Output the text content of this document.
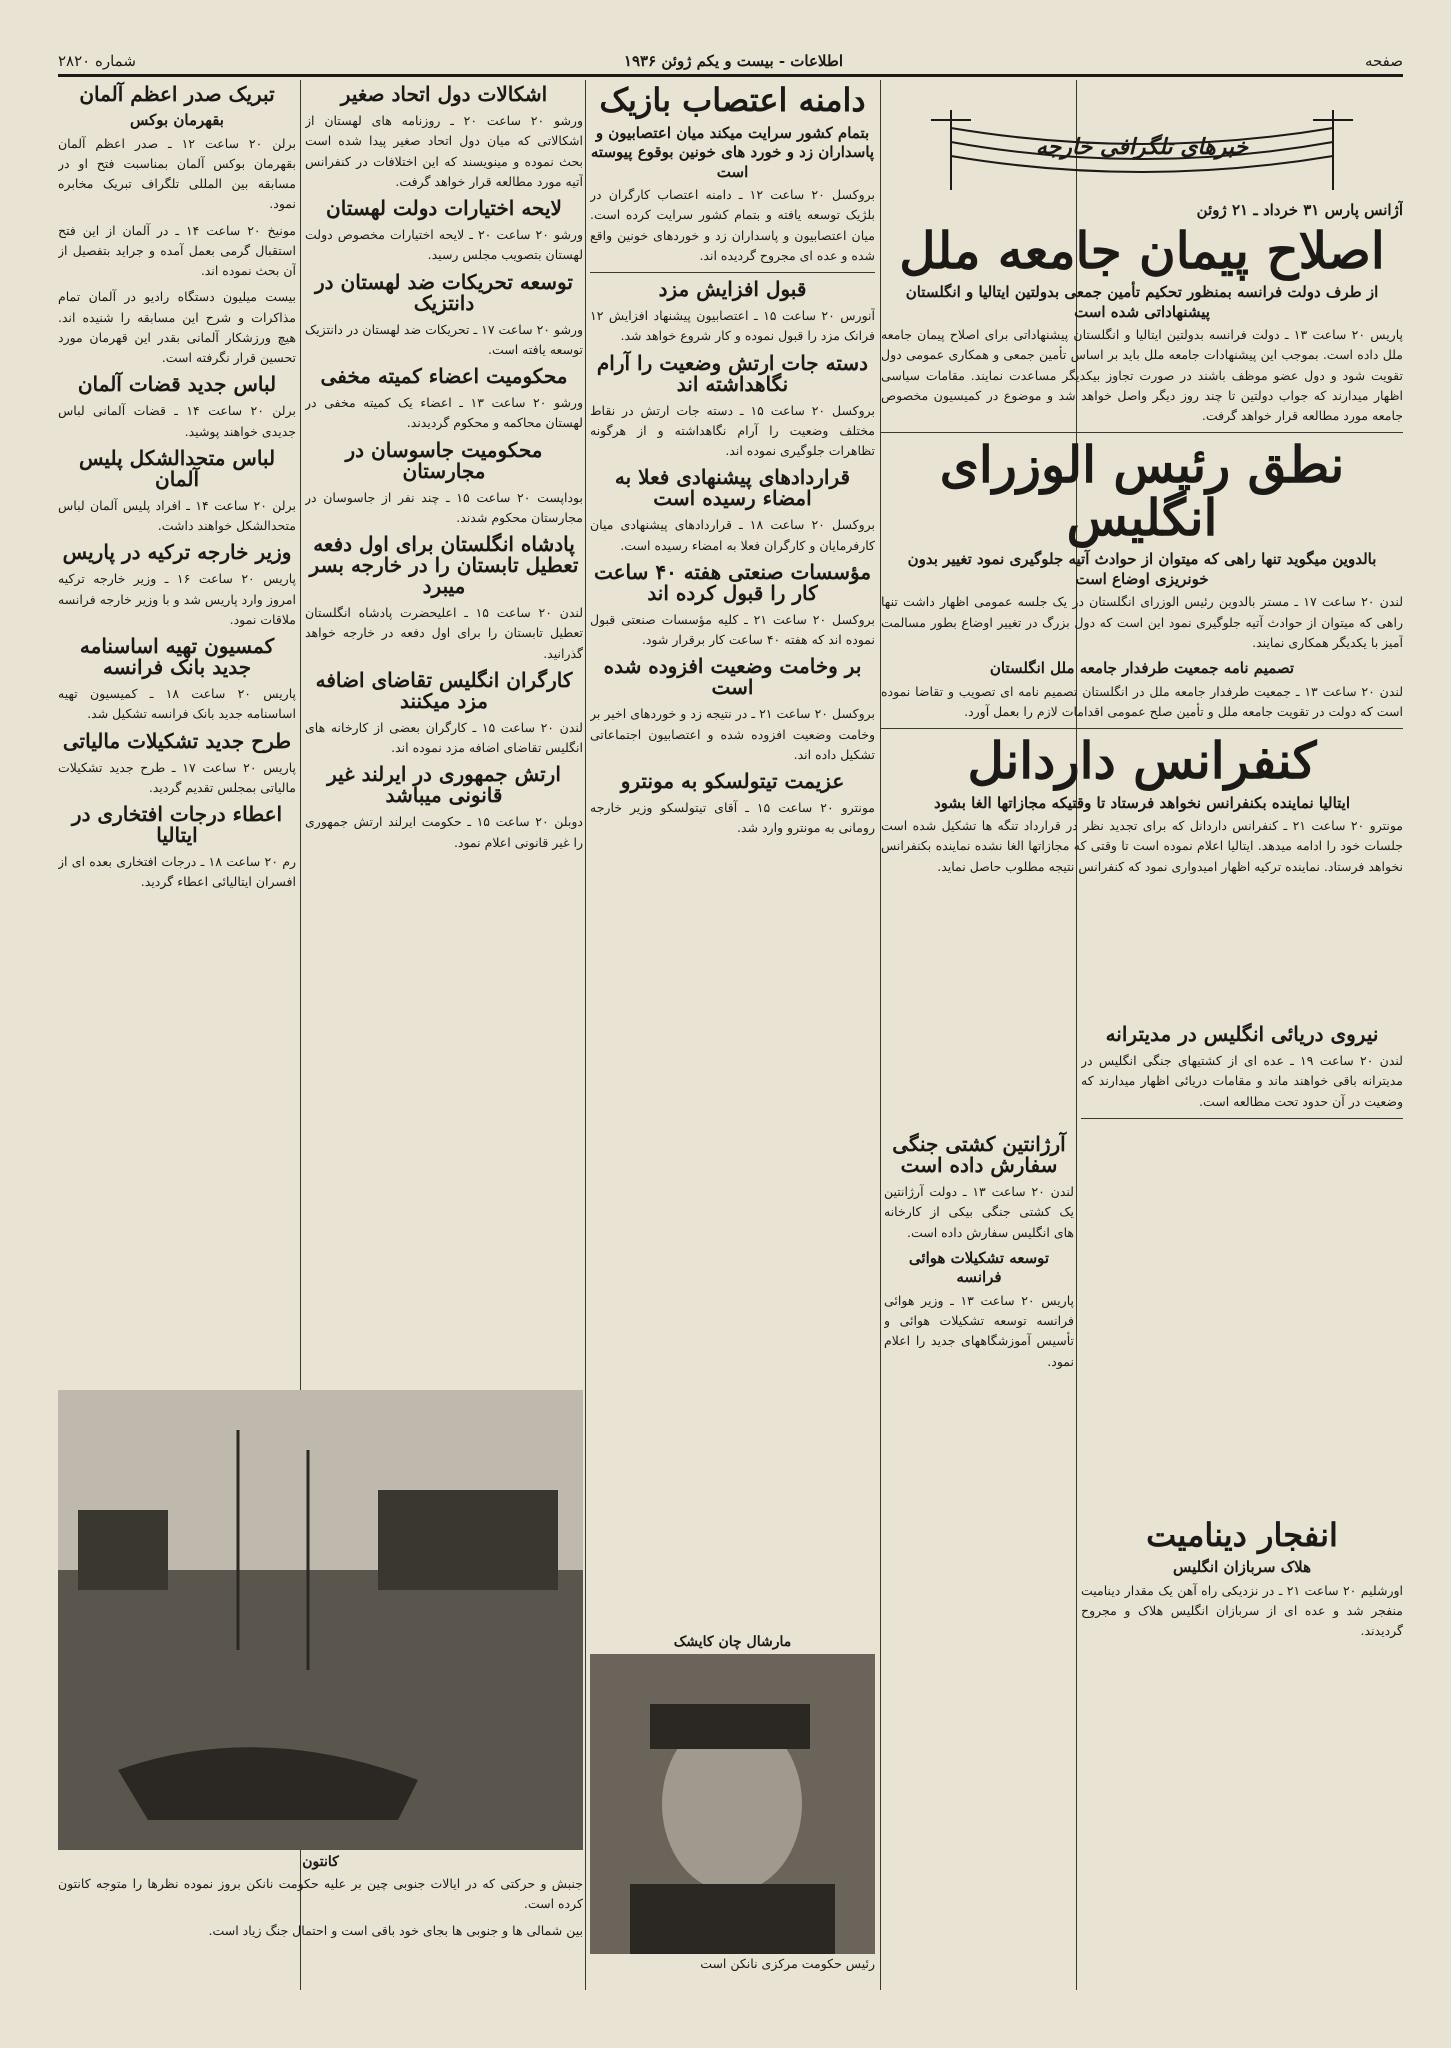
صفحه
اطلاعات - بیست و یکم ژوئن ۱۹۳۶
شماره ۲۸۲۰
خبرهای تلگرافی خارجه
آژانس پارس ۳۱ خرداد ـ ۲۱ ژوئن
اصلاح پیمان جامعه ملل
از طرف دولت فرانسه بمنظور تحکیم تأمین جمعی بدولتین ایتالیا و انگلستان پیشنهاداتی شده است

پاریس ۲۰ ساعت ۱۳ ـ دولت فرانسه بدولتین ایتالیا و انگلستان پیشنهاداتی برای اصلاح پیمان جامعه ملل داده است. بموجب این پیشنهادات جامعه ملل باید بر اساس تأمین جمعی و همکاری عمومی دول تقویت شود و دول عضو موظف باشند در صورت تجاوز بیکدیگر مساعدت نمایند. مقامات سیاسی اظهار میدارند که جواب دولتین تا چند روز دیگر واصل خواهد شد و موضوع در کمیسیون مخصوص جامعه مورد مطالعه قرار خواهد گرفت.

نطق رئیس الوزرای انگلیس
بالدوین میگوید تنها راهی که میتوان از حوادث آتیه جلوگیری نمود تغییر بدون خونریزی اوضاع است

لندن ۲۰ ساعت ۱۷ ـ مستر بالدوین رئیس الوزرای انگلستان در یک جلسه عمومی اظهار داشت تنها راهی که میتوان از حوادث آتیه جلوگیری نمود این است که دول بزرگ در تغییر اوضاع بطور مسالمت آمیز با یکدیگر همکاری نمایند.

تصمیم نامه جمعیت طرفدار جامعه ملل انگلستان

لندن ۲۰ ساعت ۱۳ ـ جمعیت طرفدار جامعه ملل در انگلستان تصمیم نامه ای تصویب و تقاضا نموده است که دولت در تقویت جامعه ملل و تأمین صلح عمومی اقدامات لازم را بعمل آورد.

کنفرانس داردانل
ایتالیا نماینده بکنفرانس نخواهد فرستاد تا وقتیکه مجازاتها الغا بشود

مونترو ۲۰ ساعت ۲۱ ـ کنفرانس داردانل که برای تجدید نظر در قرارداد تنگه ها تشکیل شده است جلسات خود را ادامه میدهد. ایتالیا اعلام نموده است تا وقتی که مجازاتها الغا نشده نماینده بکنفرانس نخواهد فرستاد. نماینده ترکیه اظهار امیدواری نمود که کنفرانس نتیجه مطلوب حاصل نماید.

نیروی دریائی انگلیس در مدیترانه

لندن ۲۰ ساعت ۱۹ ـ عده ای از کشتیهای جنگی انگلیس در مدیترانه باقی خواهند ماند و مقامات دریائی اظهار میدارند که وضعیت در آن حدود تحت مطالعه است.

انفجار دینامیت
هلاک سربازان انگلیس

اورشلیم ۲۰ ساعت ۲۱ ـ در نزدیکی راه آهن یک مقدار دینامیت منفجر شد و عده ای از سربازان انگلیس هلاک و مجروح گردیدند.

آرژانتین کشتی جنگی سفارش داده است

لندن ۲۰ ساعت ۱۳ ـ دولت آرژانتین یک کشتی جنگی بیکی از کارخانه های انگلیس سفارش داده است.

توسعه تشکیلات هوائی فرانسه

پاریس ۲۰ ساعت ۱۳ ـ وزیر هوائی فرانسه توسعه تشکیلات هوائی و تأسیس آموزشگاههای جدید را اعلام نمود.

دامنه اعتصاب بازیک
بتمام کشور سرایت میکند میان اعتصابیون و پاسداران زد و خورد های خونین بوقوع پیوسته است

بروکسل ۲۰ ساعت ۱۲ ـ دامنه اعتصاب کارگران در بلژیک توسعه یافته و بتمام کشور سرایت کرده است. میان اعتصابیون و پاسداران زد و خوردهای خونین واقع شده و عده ای مجروح گردیده اند.

قبول افزایش مزد

آنورس ۲۰ ساعت ۱۵ ـ اعتصابیون پیشنهاد افزایش ۱۲ فرانک مزد را قبول نموده و کار شروع خواهد شد.

دسته جات ارتش وضعیت را آرام نگاهداشته اند

بروکسل ۲۰ ساعت ۱۵ ـ دسته جات ارتش در نقاط مختلف وضعیت را آرام نگاهداشته و از هرگونه تظاهرات جلوگیری نموده اند.

قراردادهای پیشنهادی فعلا به امضاء رسیده است

بروکسل ۲۰ ساعت ۱۸ ـ قراردادهای پیشنهادی میان کارفرمایان و کارگران فعلا به امضاء رسیده است.

مؤسسات صنعتی هفته ۴۰ ساعت کار را قبول کرده اند

بروکسل ۲۰ ساعت ۲۱ ـ کلیه مؤسسات صنعتی قبول نموده اند که هفته ۴۰ ساعت کار برقرار شود.

بر وخامت وضعیت افزوده شده است

بروکسل ۲۰ ساعت ۲۱ ـ در نتیجه زد و خوردهای اخیر بر وخامت وضعیت افزوده شده و اعتصابیون اجتماعاتی تشکیل داده اند.

عزیمت تیتولسکو به مونترو

مونترو ۲۰ ساعت ۱۵ ـ آقای تیتولسکو وزیر خارجه رومانی به مونترو وارد شد.

مارشال چان کایشک

رئیس حکومت مرکزی نانکن است

اشکالات دول اتحاد صغیر

ورشو ۲۰ ساعت ۲۰ ـ روزنامه های لهستان از اشکالاتی که میان دول اتحاد صغیر پیدا شده است بحث نموده و مینویسند که این اختلافات در کنفرانس آتیه مورد مطالعه قرار خواهد گرفت.

لایحه اختیارات دولت لهستان

ورشو ۲۰ ساعت ۲۰ ـ لایحه اختیارات مخصوص دولت لهستان بتصویب مجلس رسید.

توسعه تحریکات ضد لهستان در دانتزیک

ورشو ۲۰ ساعت ۱۷ ـ تحریکات ضد لهستان در دانتزیک توسعه یافته است.

محکومیت اعضاء کمیته مخفی

ورشو ۲۰ ساعت ۱۳ ـ اعضاء یک کمیته مخفی در لهستان محاکمه و محکوم گردیدند.

محکومیت جاسوسان در مجارستان

بوداپست ۲۰ ساعت ۱۵ ـ چند نفر از جاسوسان در مجارستان محکوم شدند.

پادشاه انگلستان برای اول دفعه تعطیل تابستان را در خارجه بسر میبرد

لندن ۲۰ ساعت ۱۵ ـ اعلیحضرت پادشاه انگلستان تعطیل تابستان را برای اول دفعه در خارجه خواهد گذرانید.

کارگران انگلیس تقاضای اضافه مزد میکنند

لندن ۲۰ ساعت ۱۵ ـ کارگران بعضی از کارخانه های انگلیس تقاضای اضافه مزد نموده اند.

ارتش جمهوری در ایرلند غیر قانونی میباشد

دوبلن ۲۰ ساعت ۱۵ ـ حکومت ایرلند ارتش جمهوری را غیر قانونی اعلام نمود.

تبریک صدر اعظم آلمان
بقهرمان بوکس

برلن ۲۰ ساعت ۱۲ ـ صدر اعظم آلمان بقهرمان بوکس آلمان بمناسبت فتح او در مسابقه بین المللی تلگراف تبریک مخابره نمود.

مونیخ ۲۰ ساعت ۱۴ ـ در آلمان از این فتح استقبال گرمی بعمل آمده و جراید بتفصیل از آن بحث نموده اند.

بیست میلیون دستگاه رادیو در آلمان تمام مذاکرات و شرح این مسابقه را شنیده اند. هیچ ورزشکار آلمانی بقدر این قهرمان مورد تحسین قرار نگرفته است.

لباس جدید قضات آلمان

برلن ۲۰ ساعت ۱۴ ـ قضات آلمانی لباس جدیدی خواهند پوشید.

لباس متحدالشکل پلیس آلمان

برلن ۲۰ ساعت ۱۴ ـ افراد پلیس آلمان لباس متحدالشکل خواهند داشت.

وزیر خارجه ترکیه در پاریس

پاریس ۲۰ ساعت ۱۶ ـ وزیر خارجه ترکیه امروز وارد پاریس شد و با وزیر خارجه فرانسه ملاقات نمود.

کمسیون تهیه اساسنامه جدید بانک فرانسه

پاریس ۲۰ ساعت ۱۸ ـ کمیسیون تهیه اساسنامه جدید بانک فرانسه تشکیل شد.

طرح جدید تشکیلات مالیاتی

پاریس ۲۰ ساعت ۱۷ ـ طرح جدید تشکیلات مالیاتی بمجلس تقدیم گردید.

اعطاء درجات افتخاری در ایتالیا

رم ۲۰ ساعت ۱۸ ـ درجات افتخاری بعده ای از افسران ایتالیائی اعطاء گردید.

کانتون

جنبش و حرکتی که در ایالات جنوبی چین بر علیه حکومت نانکن بروز نموده نظرها را متوجه کانتون کرده است.

بین شمالی ها و جنوبی ها بجای خود باقی است و احتمال جنگ زیاد است.
